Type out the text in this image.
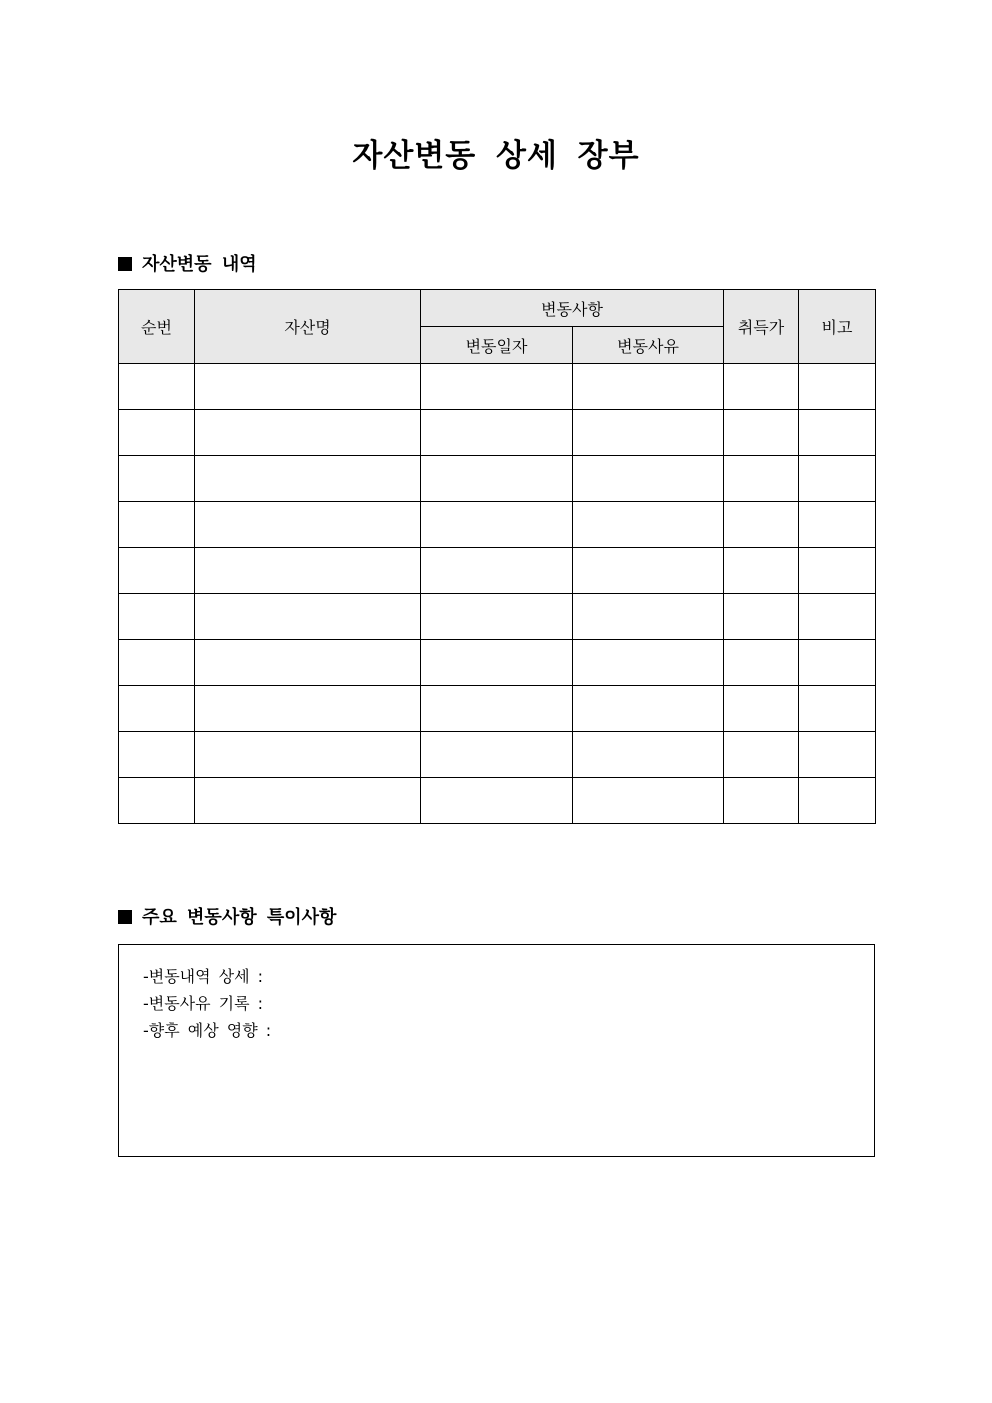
자산변동 상세 장부
자산변동 내역
순번	자산명	변동사항		취득가	비고
		변동일자	변동사유		

주요 변동사항 특이사항
-변동내역 상세 :
-변동사유 기록 :
-향후 예상 영향 :
